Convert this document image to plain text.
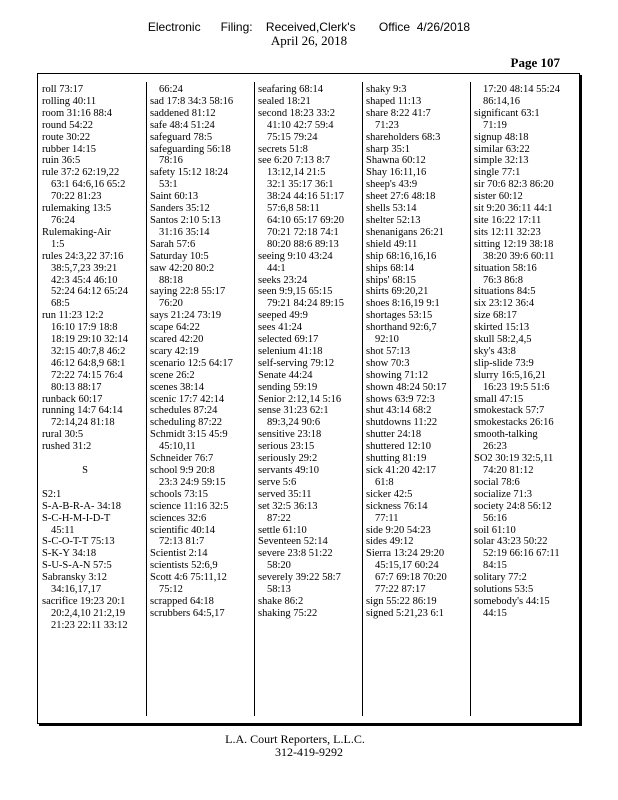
Electronic      Filing:    Received,Clerk's       Office  4/26/2018
April 26, 2018
Page 107
roll 73:17
rolling 40:11
room 31:16 88:4
round 54:22
route 30:22
rubber 14:15
ruin 36:5
rule 37:2 62:19,22
63:1 64:6,16 65:2
70:22 81:23
rulemaking 13:5
76:24
Rulemaking-Air
1:5
rules 24:3,22 37:16
38:5,7,23 39:21
42:3 45:4 46:10
52:24 64:12 65:24
68:5
run 11:23 12:2
16:10 17:9 18:8
18:19 29:10 32:14
32:15 40:7,8 46:2
46:12 64:8,9 68:1
72:22 74:15 76:4
80:13 88:17
runback 60:17
running 14:7 64:14
72:14,24 81:18
rural 30:5
rushed 31:2
S
S2:1
S-A-B-R-A- 34:18
S-C-H-M-I-D-T
45:11
S-C-O-T-T 75:13
S-K-Y 34:18
S-U-S-A-N 57:5
Sabransky 3:12
34:16,17,17
sacrifice 19:23 20:1
20:2,4,10 21:2,19
21:23 22:11 33:12
66:24
sad 17:8 34:3 58:16
saddened 81:12
safe 48:4 51:24
safeguard 78:5
safeguarding 56:18
78:16
safety 15:12 18:24
53:1
Saint 60:13
Sanders 35:12
Santos 2:10 5:13
31:16 35:14
Sarah 57:6
Saturday 10:5
saw 42:20 80:2
88:18
saying 22:8 55:17
76:20
says 21:24 73:19
scape 64:22
scared 42:20
scary 42:19
scenario 12:5 64:17
scene 26:2
scenes 38:14
scenic 17:7 42:14
schedules 87:24
scheduling 87:22
Schmidt 3:15 45:9
45:10,11
Schneider 76:7
school 9:9 20:8
23:3 24:9 59:15
schools 73:15
science 11:16 32:5
sciences 32:6
scientific 40:14
72:13 81:7
Scientist 2:14
scientists 52:6,9
Scott 4:6 75:11,12
75:12
scrapped 64:18
scrubbers 64:5,17
seafaring 68:14
sealed 18:21
second 18:23 33:2
41:10 42:7 59:4
75:15 79:24
secrets 51:8
see 6:20 7:13 8:7
13:12,14 21:5
32:1 35:17 36:1
38:24 44:16 51:17
57:6,8 58:11
64:10 65:17 69:20
70:21 72:18 74:1
80:20 88:6 89:13
seeing 9:10 43:24
44:1
seeks 23:24
seen 9:9,15 65:15
79:21 84:24 89:15
seeped 49:9
sees 41:24
selected 69:17
selenium 41:18
self-serving 79:12
Senate 44:24
sending 59:19
Senior 2:12,14 5:16
sense 31:23 62:1
89:3,24 90:6
sensitive 23:18
serious 23:15
seriously 29:2
servants 49:10
serve 5:6
served 35:11
set 32:5 36:13
87:22
settle 61:10
Seventeen 52:14
severe 23:8 51:22
58:20
severely 39:22 58:7
58:13
shake 86:2
shaking 75:22
shaky 9:3
shaped 11:13
share 8:22 41:7
71:23
shareholders 68:3
sharp 35:1
Shawna 60:12
Shay 16:11,16
sheep's 43:9
sheet 27:6 48:18
shells 53:14
shelter 52:13
shenanigans 26:21
shield 49:11
ship 68:16,16,16
ships 68:14
ships' 68:15
shirts 69:20,21
shoes 8:16,19 9:1
shortages 53:15
shorthand 92:6,7
92:10
shot 57:13
show 70:3
showing 71:12
shown 48:24 50:17
shows 63:9 72:3
shut 43:14 68:2
shutdowns 11:22
shutter 24:18
shuttered 12:10
shutting 81:19
sick 41:20 42:17
61:8
sicker 42:5
sickness 76:14
77:11
side 9:20 54:23
sides 49:12
Sierra 13:24 29:20
45:15,17 60:24
67:7 69:18 70:20
77:22 87:17
sign 55:22 86:19
signed 5:21,23 6:1
17:20 48:14 55:24
86:14,16
significant 63:1
71:19
signup 48:18
similar 63:22
simple 32:13
single 77:1
sir 70:6 82:3 86:20
sister 60:12
sit 9:20 36:11 44:1
site 16:22 17:11
sits 12:11 32:23
sitting 12:19 38:18
38:20 39:6 60:11
situation 58:16
76:3 86:8
situations 84:5
six 23:12 36:4
size 68:17
skirted 15:13
skull 58:2,4,5
sky's 43:8
slip-slide 73:9
slurry 16:5,16,21
16:23 19:5 51:6
small 47:15
smokestack 57:7
smokestacks 26:16
smooth-talking
26:23
SO2 30:19 32:5,11
74:20 81:12
social 78:6
socialize 71:3
society 24:8 56:12
56:16
soil 61:10
solar 43:23 50:22
52:19 66:16 67:11
84:15
solitary 77:2
solutions 53:5
somebody's 44:15
44:15
L.A. Court Reporters, L.L.C.
312-419-9292
